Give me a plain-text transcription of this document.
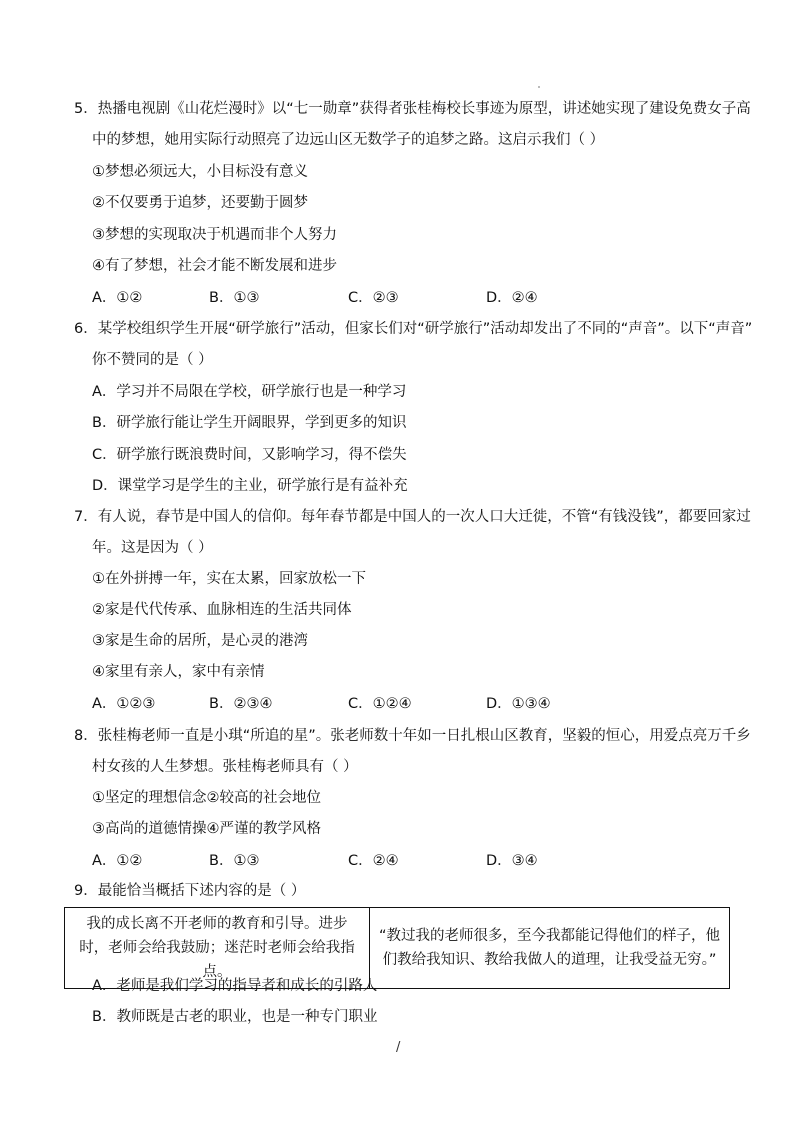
5．热播电视剧《山花烂漫时》以“七一勋章”获得者张桂梅校长事迹为原型，讲述她实现了建设免费女子高
中的梦想，她用实际行动照亮了边远山区无数学子的追梦之路。这启示我们（ ）
①梦想必须远大，小目标没有意义
②不仅要勇于追梦，还要勤于圆梦
③梦想的实现取决于机遇而非个人努力
④有了梦想，社会才能不断发展和进步
A．①②	B．①③	C．②③	D．②④
6．某学校组织学生开展“研学旅行”活动，但家长们对“研学旅行”活动却发出了不同的“声音”。以下“声音”
你不赞同的是（ ）
A．学习并不局限在学校，研学旅行也是一种学习
B．研学旅行能让学生开阔眼界，学到更多的知识
C．研学旅行既浪费时间，又影响学习，得不偿失
D．课堂学习是学生的主业，研学旅行是有益补充
7．有人说，春节是中国人的信仰。每年春节都是中国人的一次人口大迁徙，不管“有钱没钱”，都要回家过
年。这是因为（ ）
①在外拼搏一年，实在太累，回家放松一下
②家是代代传承、血脉相连的生活共同体
③家是生命的居所，是心灵的港湾
④家里有亲人，家中有亲情
A．①②③	B．②③④	C．①②④	D．①③④
8．张桂梅老师一直是小琪“所追的星”。张老师数十年如一日扎根山区教育，坚毅的恒心，用爱点亮万千乡
村女孩的人生梦想。张桂梅老师具有（ ）
①坚定的理想信念②较高的社会地位
③高尚的道德情操④严谨的教学风格
A．①②	B．①③	C．②④	D．③④
9．最能恰当概括下述内容的是（ ）
我的成长离不开老师的教育和引导。进步时，老师会给我鼓励；迷茫时老师会给我指点。	“教过我的老师很多，至今我都能记得他们的样子，他们教给我知识、教给我做人的道理，让我受益无穷。”
A．老师是我们学习的指导者和成长的引路人
B．教师既是古老的职业，也是一种专门职业
/
